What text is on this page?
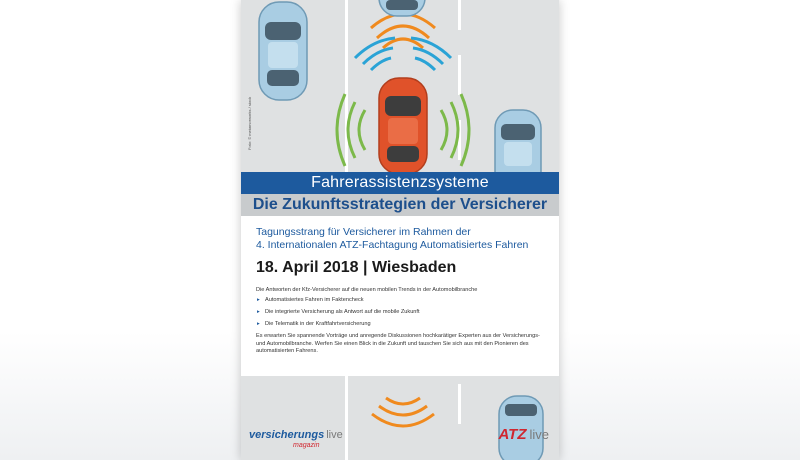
Foto: © metamorworks / stock
Fahrerassistenzsysteme
Die Zukunftsstrategien der Versicherer
Tagungsstrang für Versicherer im Rahmen der
4. Internationalen ATZ-Fachtagung Automatisiertes Fahren
18. April 2018 | Wiesbaden
Die Antworten der Kfz-Versicherer auf die neuen mobilen Trends in der Automobilbranche
▸ Automatisiertes Fahren im Faktencheck
▸ Die integrierte Versicherung als Antwort auf die mobile Zukunft
▸ Die Telematik in der Kraftfahrtversicherung
Es erwarten Sie spannende Vorträge und anregende Diskussionen hochkarätiger Experten aus der Versicherungs-
und Automobilbranche. Werfen Sie einen Blick in die Zukunft und tauschen Sie sich aus mit den Pionieren des
automatisierten Fahrens.
versicherungs live
magazin
ATZ live
